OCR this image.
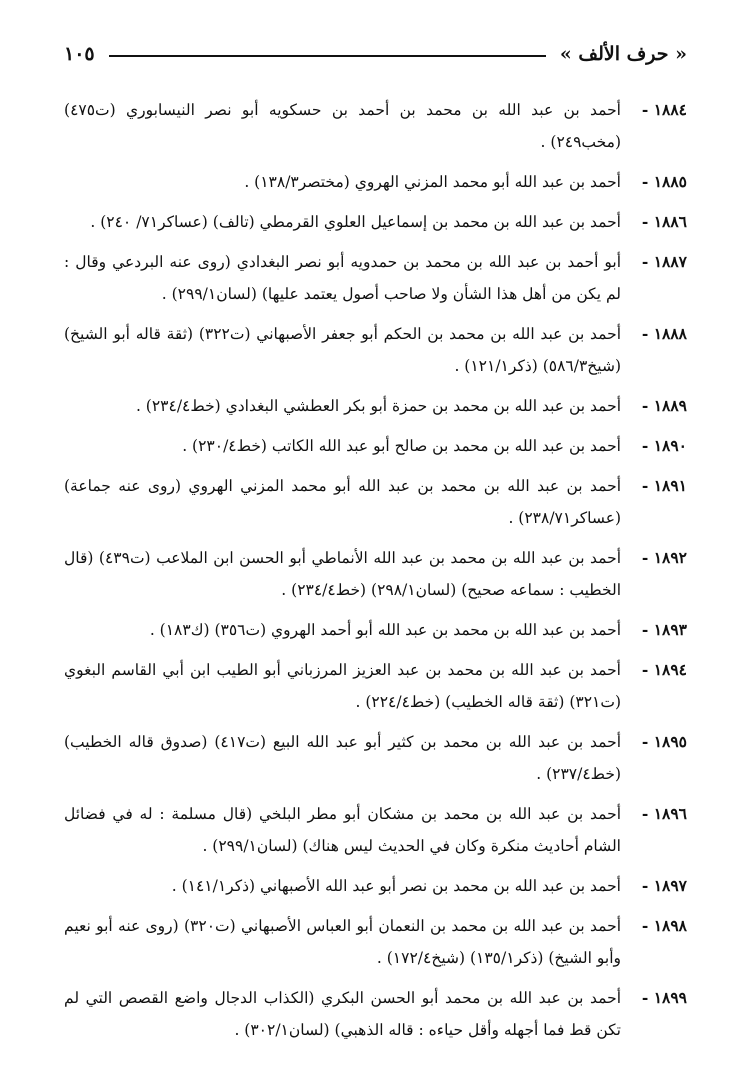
« حرف الألف »
١٠٥
١٨٨٤ -
أحمد بن عبد الله بن محمد بن أحمد بن حسكويه أبو نصر النيسابوري (ت٤٧٥) (مخب٢٤٩) .
١٨٨٥ -
أحمد بن عبد الله أبو محمد المزني الهروي (مختصر١٣٨/٣) .
١٨٨٦ -
أحمد بن عبد الله بن محمد بن إسماعيل العلوي القرمطي (تالف) (عساكر٧١/ ٢٤٠) .
١٨٨٧ -
أبو أحمد بن عبد الله بن محمد بن حمدويه أبو نصر البغدادي (روى عنه البردعي وقال : لم يكن من أهل هذا الشأن ولا صاحب أصول يعتمد عليها) (لسان٢٩٩/١) .
١٨٨٨ -
أحمد بن عبد الله بن محمد بن الحكم أبو جعفر الأصبهاني (ت٣٢٢) (ثقة قاله أبو الشيخ) (شيخ٥٨٦/٣) (ذكر١٢١/١) .
١٨٨٩ -
أحمد بن عبد الله بن محمد بن حمزة أبو بكر العطشي البغدادي (خط٢٣٤/٤) .
١٨٩٠ -
أحمد بن عبد الله بن محمد بن صالح أبو عبد الله الكاتب (خط٢٣٠/٤) .
١٨٩١ -
أحمد بن عبد الله بن محمد بن عبد الله أبو محمد المزني الهروي (روى عنه جماعة) (عساكر٢٣٨/٧١) .
١٨٩٢ -
أحمد بن عبد الله بن محمد بن عبد الله الأنماطي أبو الحسن ابن الملاعب (ت٤٣٩) (قال الخطيب : سماعه صحيح) (لسان٢٩٨/١) (خط٢٣٤/٤) .
١٨٩٣ -
أحمد بن عبد الله بن محمد بن عبد الله أبو أحمد الهروي (ت٣٥٦) (ك١٨٣) .
١٨٩٤ -
أحمد بن عبد الله بن محمد بن عبد العزيز المرزباني أبو الطيب ابن أبي القاسم البغوي (ت٣٢١) (ثقة قاله الخطيب) (خط٢٢٤/٤) .
١٨٩٥ -
أحمد بن عبد الله بن محمد بن كثير أبو عبد الله البيع (ت٤١٧) (صدوق قاله الخطيب) (خط٢٣٧/٤) .
١٨٩٦ -
أحمد بن عبد الله بن محمد بن مشكان أبو مطر البلخي (قال مسلمة : له في فضائل الشام أحاديث منكرة وكان في الحديث ليس هناك) (لسان٢٩٩/١) .
١٨٩٧ -
أحمد بن عبد الله بن محمد بن نصر أبو عبد الله الأصبهاني (ذكر١٤١/١) .
١٨٩٨ -
أحمد بن عبد الله بن محمد بن النعمان أبو العباس الأصبهاني (ت٣٢٠) (روى عنه أبو نعيم وأبو الشيخ) (ذكر١٣٥/١) (شيخ١٧٢/٤) .
١٨٩٩ -
أحمد بن عبد الله بن محمد أبو الحسن البكري (الكذاب الدجال واضع القصص التي لم تكن قط فما أجهله وأقل حياءه : قاله الذهبي) (لسان٣٠٢/١) .
